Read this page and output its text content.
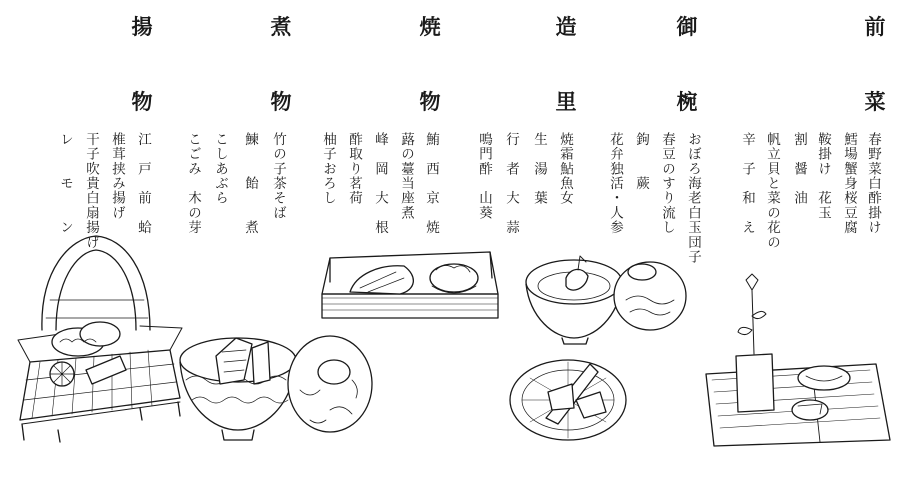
前
菜
御
椀
造
里
焼
物
煮
物
揚
物
春野菜白酢掛け
鱈場蟹身桜豆腐
鞍掛け　花玉
割　醤　油
帆立貝と菜の花の
辛　子　和　え
おぼろ海老白玉団子
春豆のすり流し
鉤　　蕨
花弁独活・人参
焼霜鮎魚女
生　湯　葉
行　者　大　蒜
鳴門酢　山葵
鮪　西　京　焼
蕗の薹当座煮
峰　岡　大　根
酢取り茗荷
柚子おろし
竹の子茶そば
鰊　　飴　　煮
こしあぶら
こごみ　木の芽
江　戸　前　蛤
椎茸挟み揚げ
干子吹貴白扇揚げ
レ　　モ　　ン
